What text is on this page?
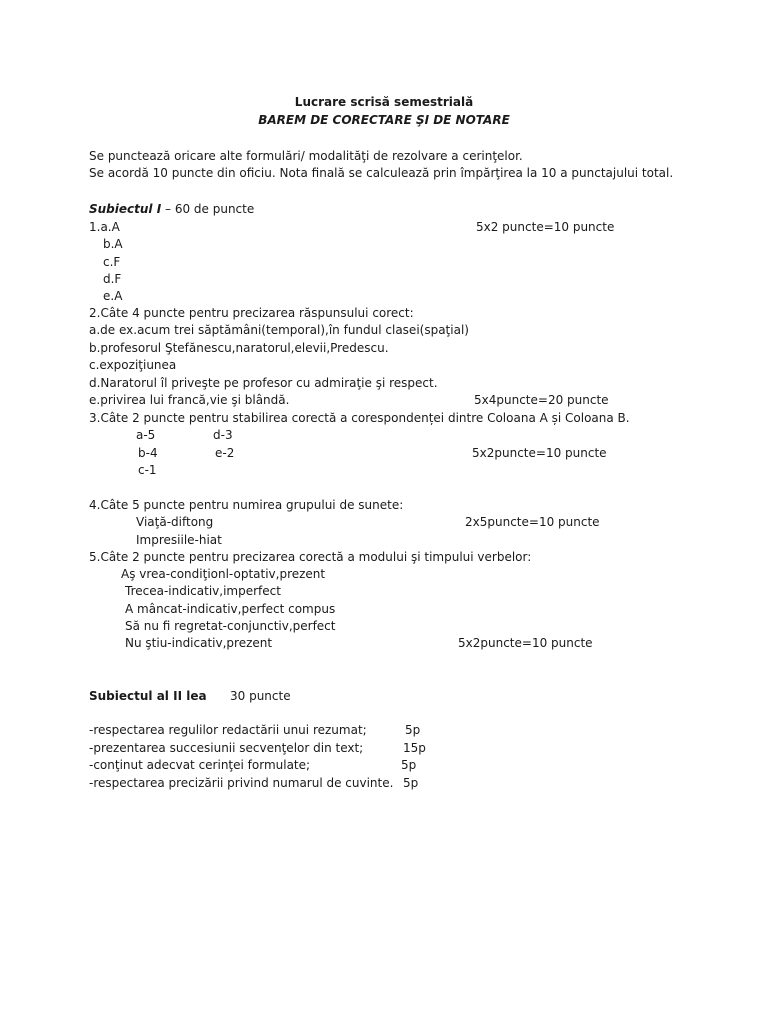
Lucrare scrisă semestrială
BAREM DE CORECTARE ŞI DE NOTARE
Se punctează oricare alte formulări/ modalităţi de rezolvare a cerinţelor.
Se acordă 10 puncte din oficiu. Nota finală se calculează prin împărţirea la 10 a punctajului total.
Subiectul I – 60 de puncte
1.a.A	5x2 puncte=10 puncte
b.A
c.F
d.F
e.A
2.Câte 4 puncte pentru precizarea răspunsului corect:
a.de ex.acum trei săptămâni(temporal),în fundul clasei(spaţial)
b.profesorul Ştefănescu,naratorul,elevii,Predescu.
c.expoziţiunea
d.Naratorul îl priveşte pe profesor cu admiraţie şi respect.
e.privirea lui francă,vie şi blândă.	5x4puncte=20 puncte
3.Câte 2 puncte pentru stabilirea corectă a corespondenței dintre Coloana A și Coloana B.
a-5	d-3
b-4	e-2	5x2puncte=10 puncte
c-1
4.Câte 5 puncte pentru numirea grupului de sunete:
Viaţă-diftong	2x5puncte=10 puncte
Impresiile-hiat
5.Câte 2 puncte pentru precizarea corectă a modului şi timpului verbelor:
Aş vrea-condiţionl-optativ,prezent
Trecea-indicativ,imperfect
A mâncat-indicativ,perfect compus
Să nu fi regretat-conjunctiv,perfect
Nu ştiu-indicativ,prezent	5x2puncte=10 puncte
Subiectul al II lea 30 puncte
-respectarea regulilor redactării unui rezumat;	5p
-prezentarea succesiunii secvenţelor din text;	15p
-conţinut adecvat cerinţei formulate;	5p
-respectarea precizării privind numarul de cuvinte. 5p
